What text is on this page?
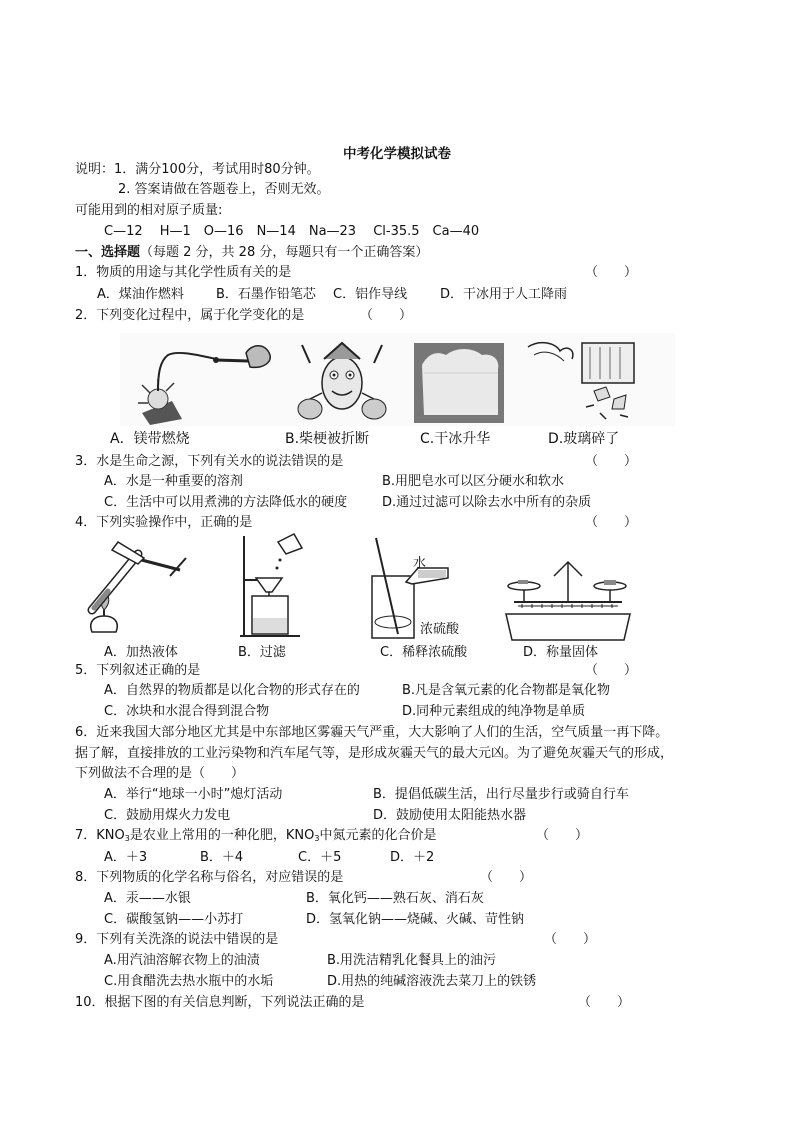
中考化学模拟试卷
说明：1．满分100分，考试用时80分钟。
2. 答案请做在答题卷上，否则无效。
可能用到的相对原子质量:
C—12　 H—1　O—16　N—14　Na—23　 Cl-35.5　Ca—40
一、选择题（每题 2 分，共 28 分，每题只有一个正确答案）
1．物质的用途与其化学性质有关的是	（　　）
A．煤油作燃料 B．石墨作铅笔芯 C．铝作导线	D．干冰用于人工降雨
2．下列变化过程中，属于化学变化的是	（　　）
A．镁带燃烧	B.柴梗被折断	C.干冰升华	D.玻璃碎了
3．水是生命之源，下列有关水的说法错误的是	（　　）
A．水是一种重要的溶剂	B.用肥皂水可以区分硬水和软水
C．生活中可以用煮沸的方法降低水的硬度	D.通过过滤可以除去水中所有的杂质
4．下列实验操作中，正确的是	（　　）
水
浓硫酸
A．加热液体	B．过滤	C．稀释浓硫酸	D．称量固体
5．下列叙述正确的是	（　　）
A．自然界的物质都是以化合物的形式存在的	B.凡是含氧元素的化合物都是氧化物
C．冰块和水混合得到混合物	D.同种元素组成的纯净物是单质
6．近来我国大部分地区尤其是中东部地区雾霾天气严重，大大影响了人们的生活，空气质量一再下降。
据了解，直接排放的工业污染物和汽车尾气等，是形成灰霾天气的最大元凶。为了避免灰霾天气的形成，
下列做法不合理的是（　　）
A．举行“地球一小时”熄灯活动	B．提倡低碳生活，出行尽量步行或骑自行车
C．鼓励用煤火力发电	D．鼓励使用太阳能热水器
7．$KNO_3$是农业上常用的一种化肥，$KNO_3$中氮元素的化合价是	（　　）
A．＋3	B．＋4	C．＋5	D．＋2
8．下列物质的化学名称与俗名，对应错误的是	（　　）
A．汞——水银	B．氧化钙——熟石灰、消石灰
C．碳酸氢钠——小苏打	D．氢氧化钠——烧碱、火碱、苛性钠
9．下列有关洗涤的说法中错误的是	（　　）
A.用汽油溶解衣物上的油渍	B.用洗洁精乳化餐具上的油污
C.用食醋洗去热水瓶中的水垢	D.用热的纯碱溶液洗去菜刀上的铁锈
10．根据下图的有关信息判断，下列说法正确的是	（　　）
